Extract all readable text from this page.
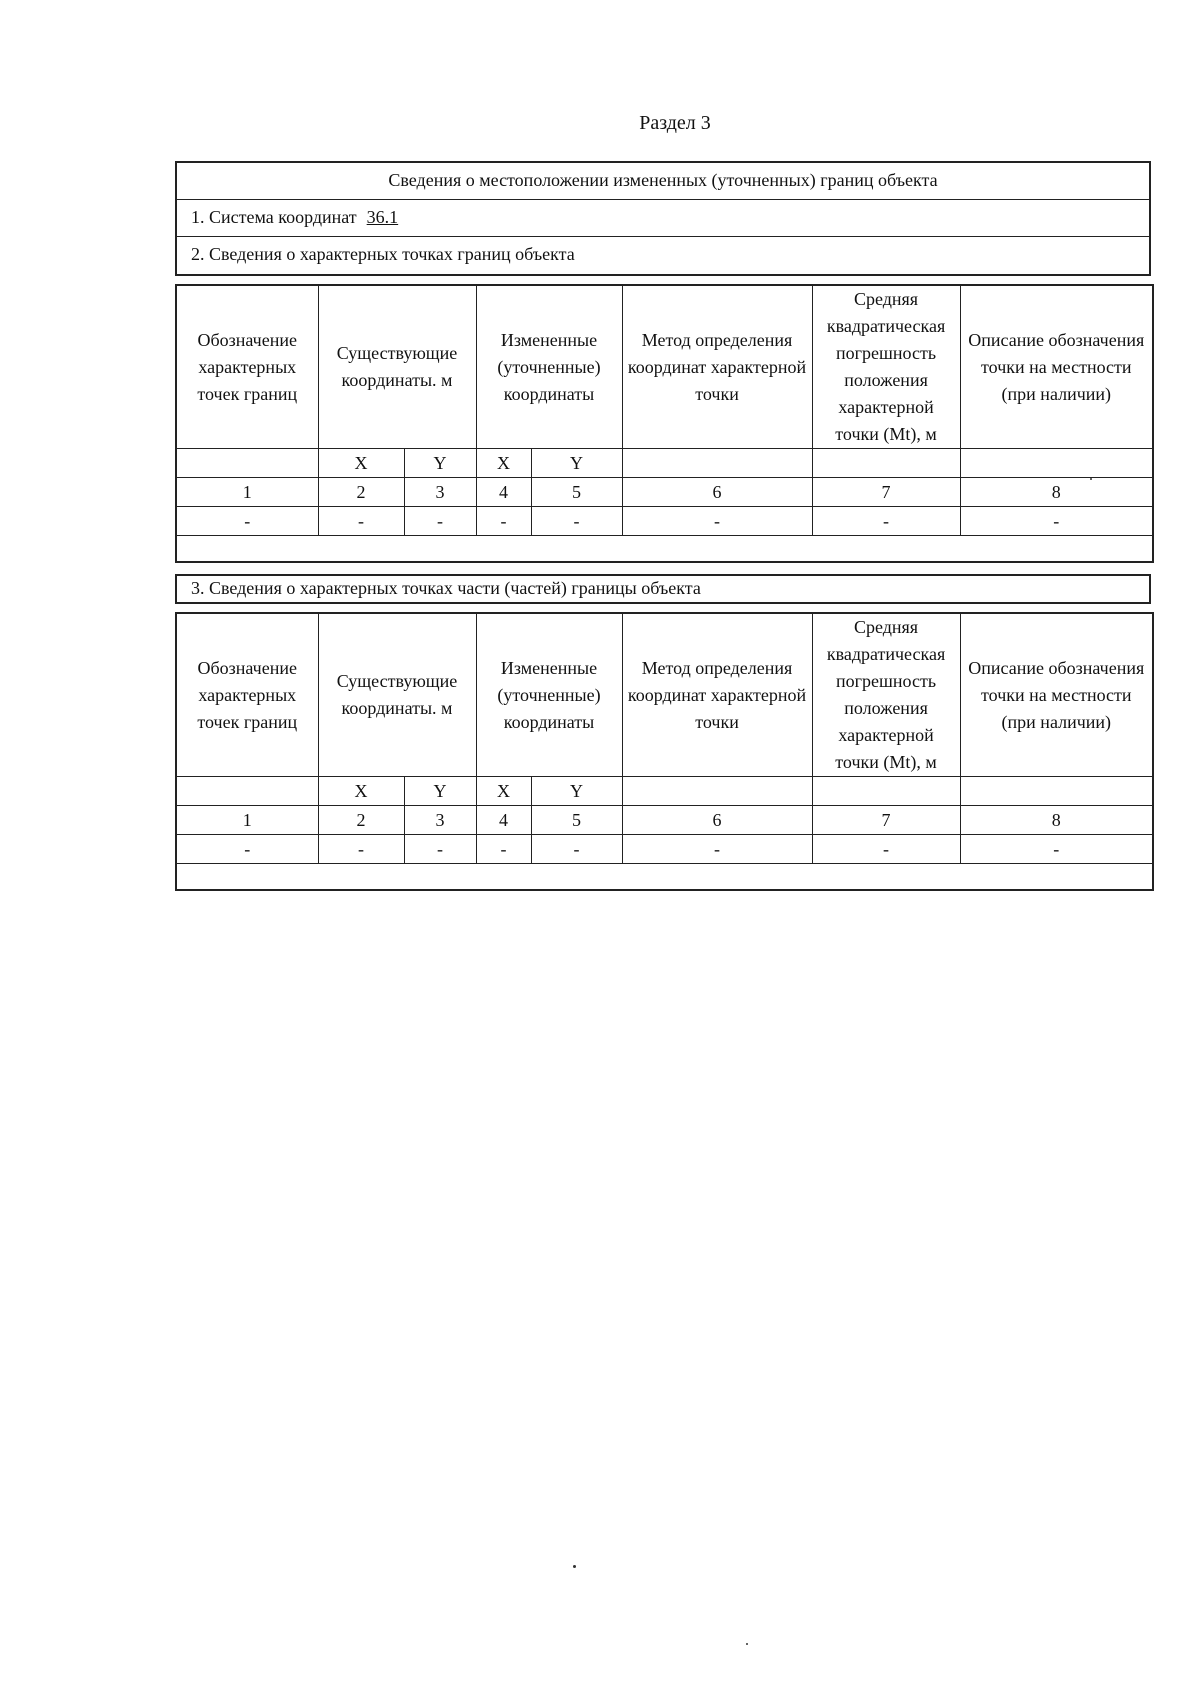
Раздел 3
Сведения о местоположении измененных (уточненных) границ объекта
1. Система координат 36.1
2. Сведения о характерных точках границ объекта
Обозначение характерных точек границ	Существующие координаты. м		Измененные (уточненные) координаты		Метод определения координат характерной точки	Средняя квадратическая погрешность положения характерной точки (Mt), м	Описание обозначения точки на местности (при наличии)
	X	Y	X	Y			
1	2	3	4	5	6	7	8
-	-	-	-	-	-	-	-

3. Сведения о характерных точках части (частей) границы объекта
Обозначение характерных точек границ	Существующие координаты. м		Измененные (уточненные) координаты		Метод определения координат характерной точки	Средняя квадратическая погрешность положения характерной точки (Mt), м	Описание обозначения точки на местности (при наличии)
	X	Y	X	Y			
1	2	3	4	5	6	7	8
-	-	-	-	-	-	-	-
